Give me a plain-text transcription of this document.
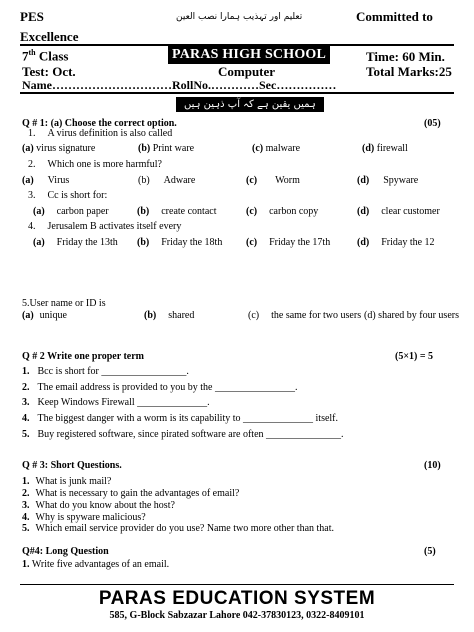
PES	تعلیم اور تہذیب ہمارا نصب العین	Committed to
Excellence
7th Class	PARAS HIGH SCHOOL	Time: 60 Min.
Test: Oct.	Computer	Total Marks:25
Name…………………………RollNo.…………Sec……………
ہمیں یقین ہے کہ آپ ذہین ہیں
Q # 1: (a) Choose the correct option.	(05)
1. A virus definition is also called
(a) virus signature	(b) Print ware	(c) malware	(d) firewall
2. Which one is more harmful?
(a) Virus	(b) Adware	(c) Worm	(d) Spyware
3. Cc is short for:
(a) carbon paper	(b) create contact	(c) carbon copy	(d) clear customer
4. Jerusalem B activates itself every
(a) Friday the 13th (b) Friday the 18th (c) Friday the 17th	(d) Friday the 12
5.User name or ID is
(a) unique	(b) shared	(c) the same for two users (d) shared by four users
Q # 2 Write one proper term	(5×1) = 5
1. Bcc is short for _________________.
2. The email address is provided to you by the ________________.
3. Keep Windows Firewall ______________.
4. The biggest danger with a worm is its capability to ______________ itself.
5. Buy registered software, since pirated software are often _______________.
Q # 3: Short Questions.	(10)
1. What is junk mail?
2. What is necessary to gain the advantages of email?
3. What do you know about the host?
4. Why is spyware malicious?
5. Which email service provider do you use? Name two more other than that.
Q#4: Long Question	(5)
1. Write five advantages of an email.
PARAS EDUCATION SYSTEM
585, G-Block Sabzazar Lahore 042-37830123, 0322-8409101
